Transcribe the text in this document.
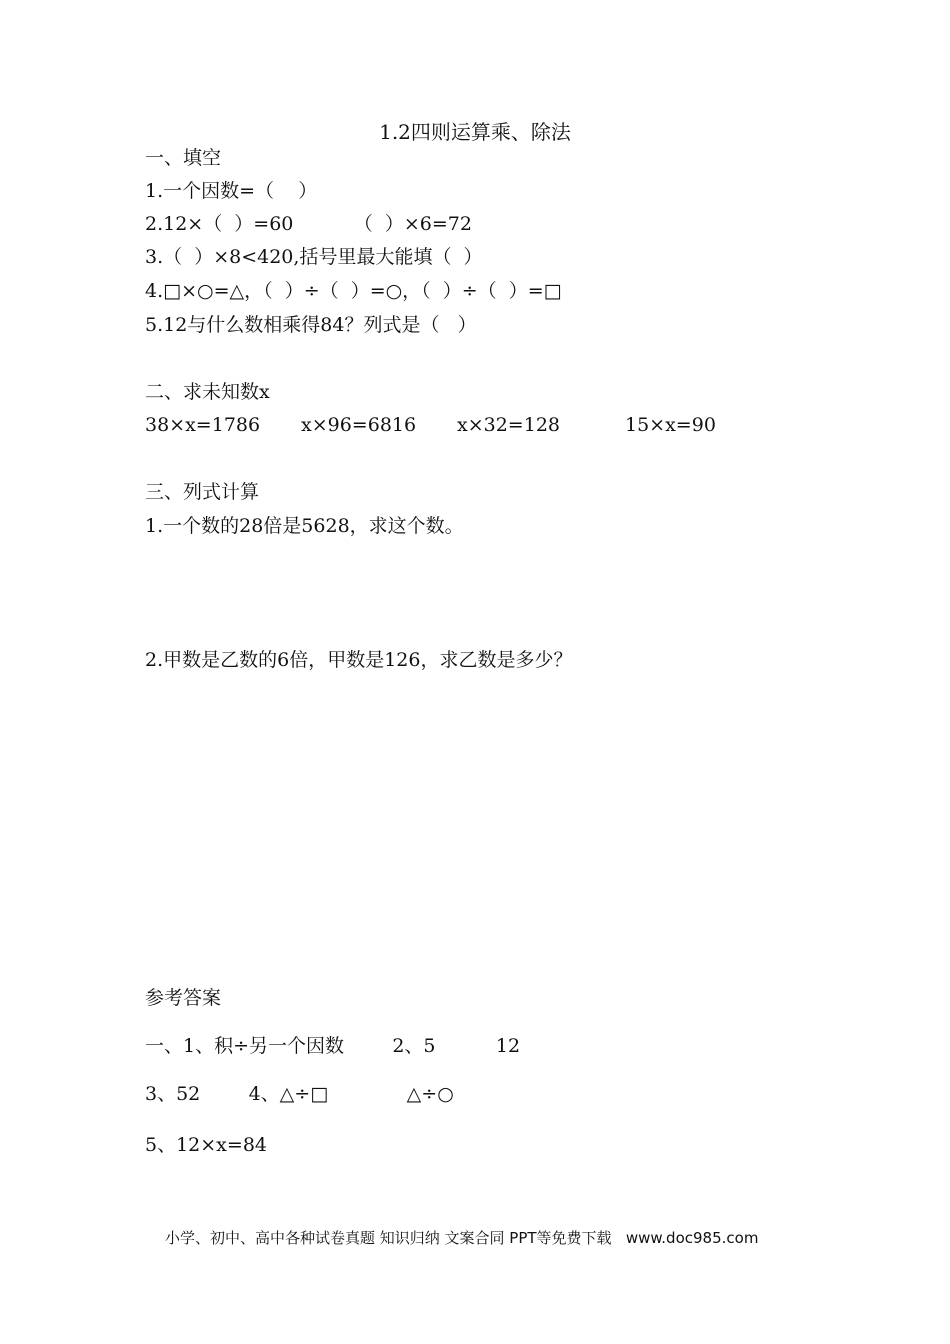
1.2四则运算乘、除法
一、填空
1.一个因数=（    ）
2.12×（  ）=60          （  ）×6=72
3.（  ）×8<420,括号里最大能填（  ）
4.□×○=△，（  ）÷（  ）=○，（  ）÷（  ）=□
5.12与什么数相乘得84？列式是（   ）
二、求未知数x
38×x=1786 x×96=6816 x×32=128	15×x=90
三、列式计算
1.一个数的28倍是5628，求这个数。
2.甲数是乙数的6倍，甲数是126，求乙数是多少？
参考答案
一、1、积÷另一个因数        2、5          12
3、52        4、△÷□             △÷○
5、12×x=84
小学、初中、高中各种试卷真题 知识归纳 文案合同 PPT等免费下载   www.doc985.com
